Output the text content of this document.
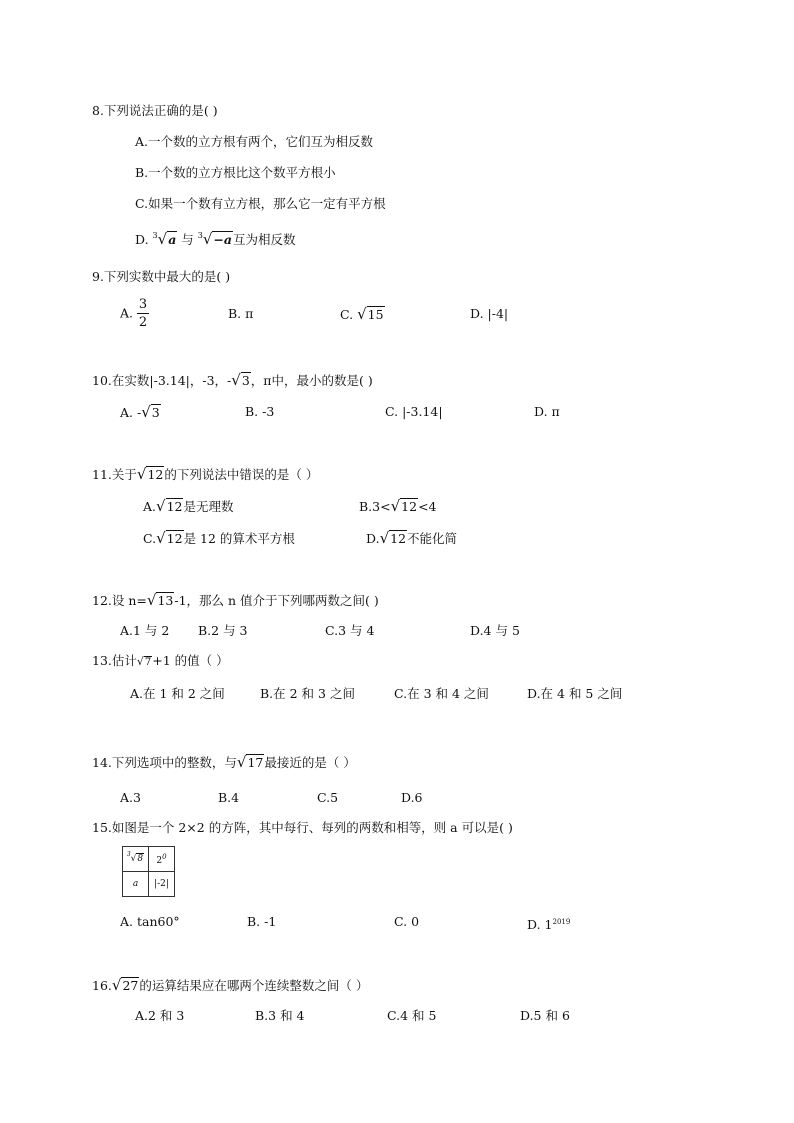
8.下列说法正确的是( )
A.一个数的立方根有两个，它们互为相反数
B.一个数的立方根比这个数平方根小
C.如果一个数有立方根，那么它一定有平方根
D. $^3$√a 与 $^3$√−a互为相反数
9.下列实数中最大的是( )
A. $\frac{3}{2}$	B. π	C. √15	D. |-4|
10.在实数|-3.14|，-3，-√3，π中，最小的数是( )
A. -√3	B. -3	C. |-3.14|	D. π
11.关于√12的下列说法中错误的是（ ）
A.√12是无理数	B.3<√12<4
C.√12是 12 的算术平方根	D.√12不能化简
12.设 n=√13-1，那么 n 值介于下列哪两数之间( )
A.1 与 2 B.2 与 3	C.3 与 4	D.4 与 5
13.估计√7+1 的值（ ）
A.在 1 和 2 之间	B.在 2 和 3 之间	C.在 3 和 4 之间	D.在 4 和 5 之间
14.下列选项中的整数，与√17最接近的是（ ）
A.3	B.4	C.5	D.6
15.如图是一个 2×2 的方阵，其中每行、每列的两数和相等，则 a 可以是( )
$^3$√8	$2^0$
a	|-2|
A. tan60°	B. -1	C. 0	D. $1^{2019}$
16.√27的运算结果应在哪两个连续整数之间（ ）
A.2 和 3	B.3 和 4	C.4 和 5	D.5 和 6
